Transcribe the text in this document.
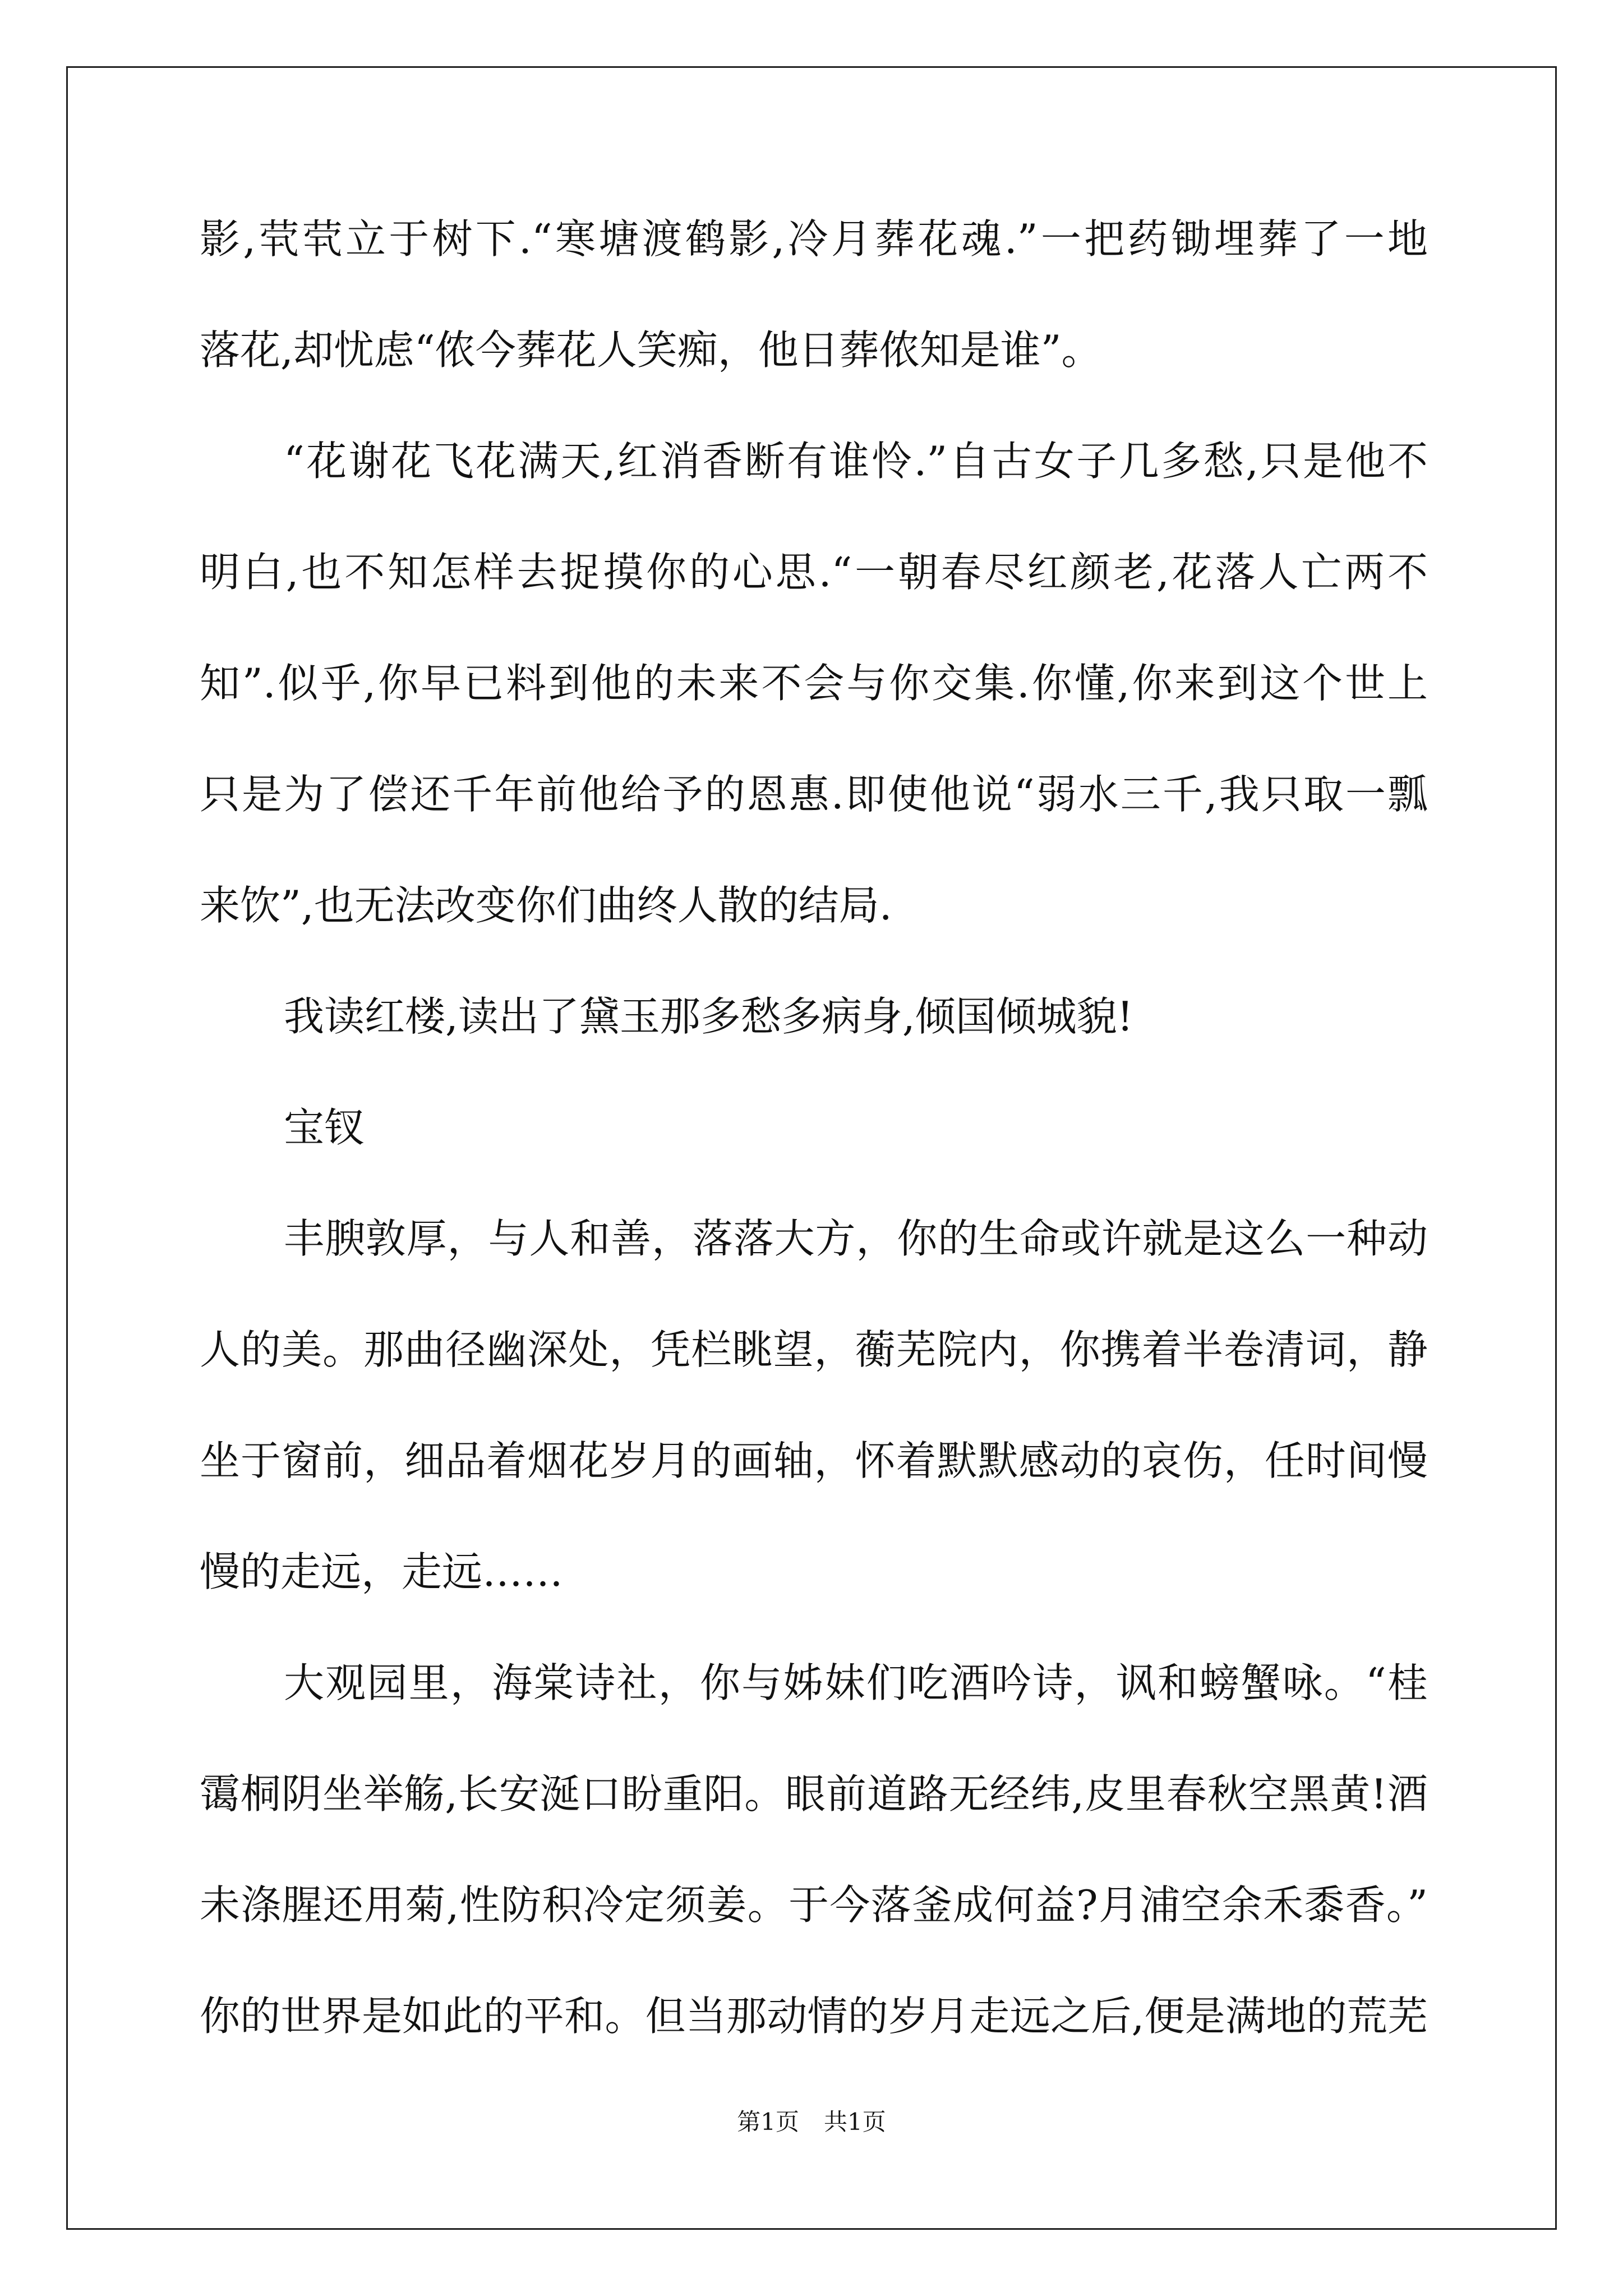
影,茕茕立于树下.“寒塘渡鹤影,冷月葬花魂.”一把药锄埋葬了一地
落花,却忧虑“侬今葬花人笑痴，他日葬侬知是谁”。
“花谢花飞花满天,红消香断有谁怜.”自古女子几多愁,只是他不
明白,也不知怎样去捉摸你的心思.“一朝春尽红颜老,花落人亡两不
知”.似乎,你早已料到他的未来不会与你交集.你懂,你来到这个世上
只是为了偿还千年前他给予的恩惠.即使他说“弱水三千,我只取一瓢
来饮”,也无法改变你们曲终人散的结局.
我读红楼,读出了黛玉那多愁多病身,倾国倾城貌!
宝钗
丰腴敦厚，与人和善，落落大方，你的生命或许就是这么一种动
人的美。那曲径幽深处，凭栏眺望，蘅芜院内，你携着半卷清词，静
坐于窗前，细品着烟花岁月的画轴，怀着默默感动的哀伤，任时间慢
慢的走远，走远……
大观园里，海棠诗社，你与姊妹们吃酒吟诗，讽和螃蟹咏。“桂
霭桐阴坐举觞,长安涎口盼重阳。眼前道路无经纬,皮里春秋空黑黄!酒
未涤腥还用菊,性防积冷定须姜。于今落釜成何益?月浦空余禾黍香。”
你的世界是如此的平和。但当那动情的岁月走远之后,便是满地的荒芜
第1页 共1页
